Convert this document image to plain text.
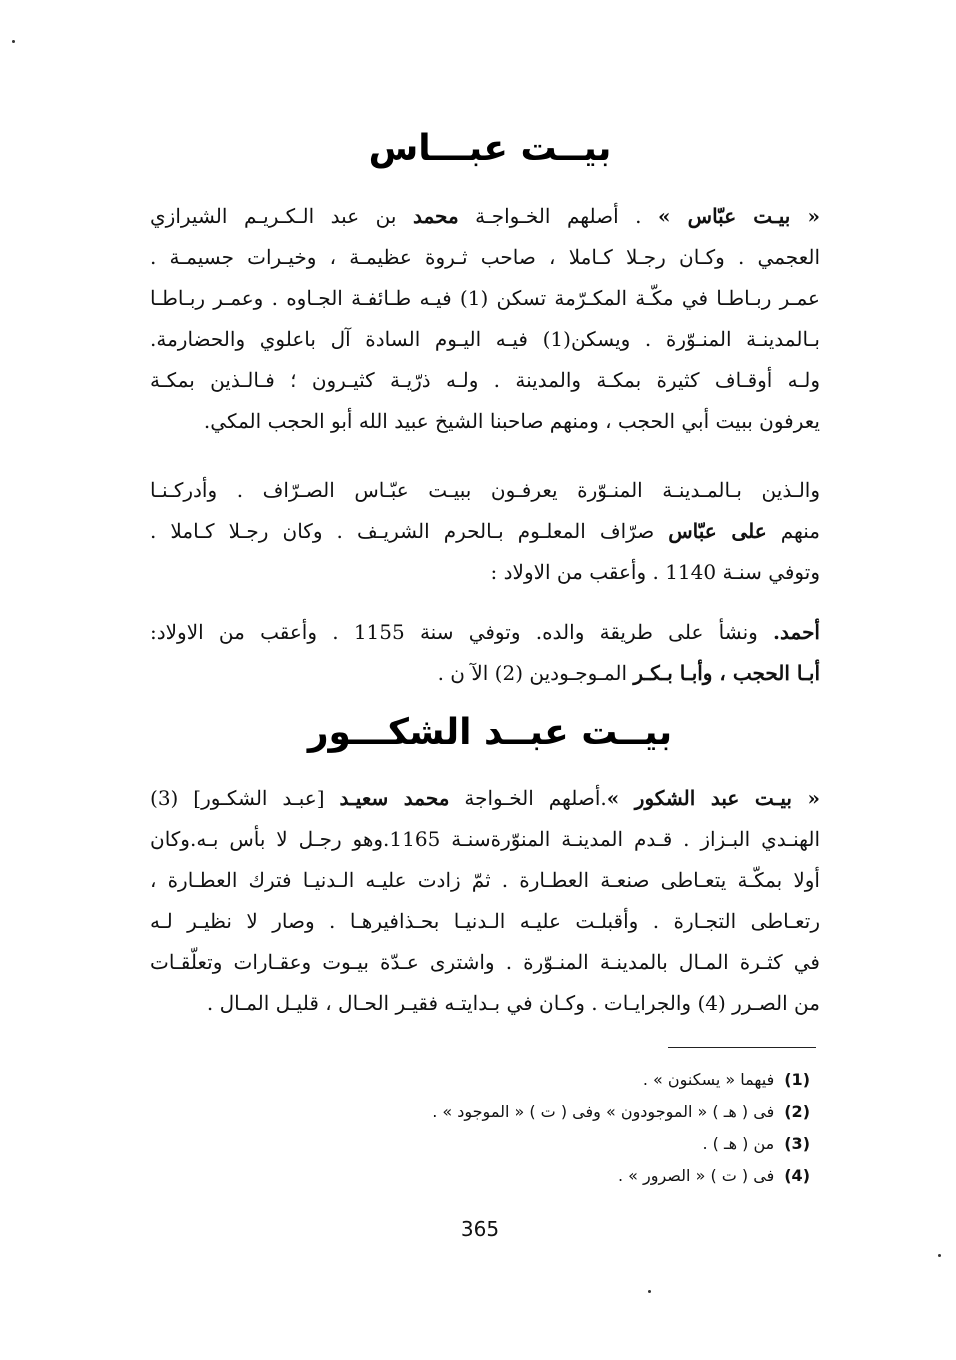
بيــت عبـــاس
« بيـت عبّاس » . أصلهم الخـواجـة محمد بن عبد الـكـريـم الشيرازي
العجمي . وكـان رجـلا كـاملا ، صاحب ثـروة عظيمـة ، وخيـرات جسيمـة .
عمـر ربـاطـا في مكّـة المكـرّمة تسكن (1) فيـه طـائفـة الجـاوه . وعمـر ربـاطـا
بـالمدينـة المنـوّرة . ويسكن(1) فيـه اليـوم السادة آل باعلوي والحضارمة.
ولـه أوقـاف كثيرة بمكـة والمدينة . ولـه ذرّيـة كثيـرون ؛ فـالـذين بمكـة
يعرفون ببيت أبي الحجب ، ومنهم صاحبنا الشيخ عبيد الله أبو الحجب المكي.
والـذين بـالمـدينـة المنـوّرة يعرفـون ببيـت عبّـاس الصـرّاف . وأدركـنـا
منهم على عبّاس صرّاف المعلـوم بـالحرم الشريـف . وكان رجـلا كـاملا .
وتوفي سنـة 1140 . وأعقب من الاولاد :
أحمد. ونشأ على طريقة والده. وتوفي سنة 1155 . وأعقب من الاولاد:
أبـا الحجب ، وأبـا بـكـر المـوجـودين (2) الآ ن .
بيــت عبــد الشكـــور
« بيـت عبد الشكور ».أصلهم الخـواجة محمد سعيـد [عبـد الشكـور] (3)
الهنـدي البـزاز . قـدم المدينـة المنوّرةسنـة 1165.وهو رجـل لا بأس بـه.وكان
أولا بمكّـة يتعـاطى صنعـة العطـارة . ثمّ زادت عليـه الـدنيـا فترك العطـارة ،
رتعـاطى التجـارة . وأقبلـت عليـه الـدنيـا بحـذافيرهـا . وصار لا نظيـر لـه
في كثـرة المـال بالمدينـة المنـوّرة . واشترى عـدّة بيـوت وعقـارات وتعلّقـات
من الصـرر (4) والجرايـات . وكـان في بـدايتـه فقيـر الحـال ، قليـل المـال .
(1)فيهما « يسكنون » .
(2)فى ( هـ ) « الموجودون » وفى ( ت ) « الموجود » .
(3)من ( هـ ) .
(4)فى ( ت ) « الصرور » .
365
